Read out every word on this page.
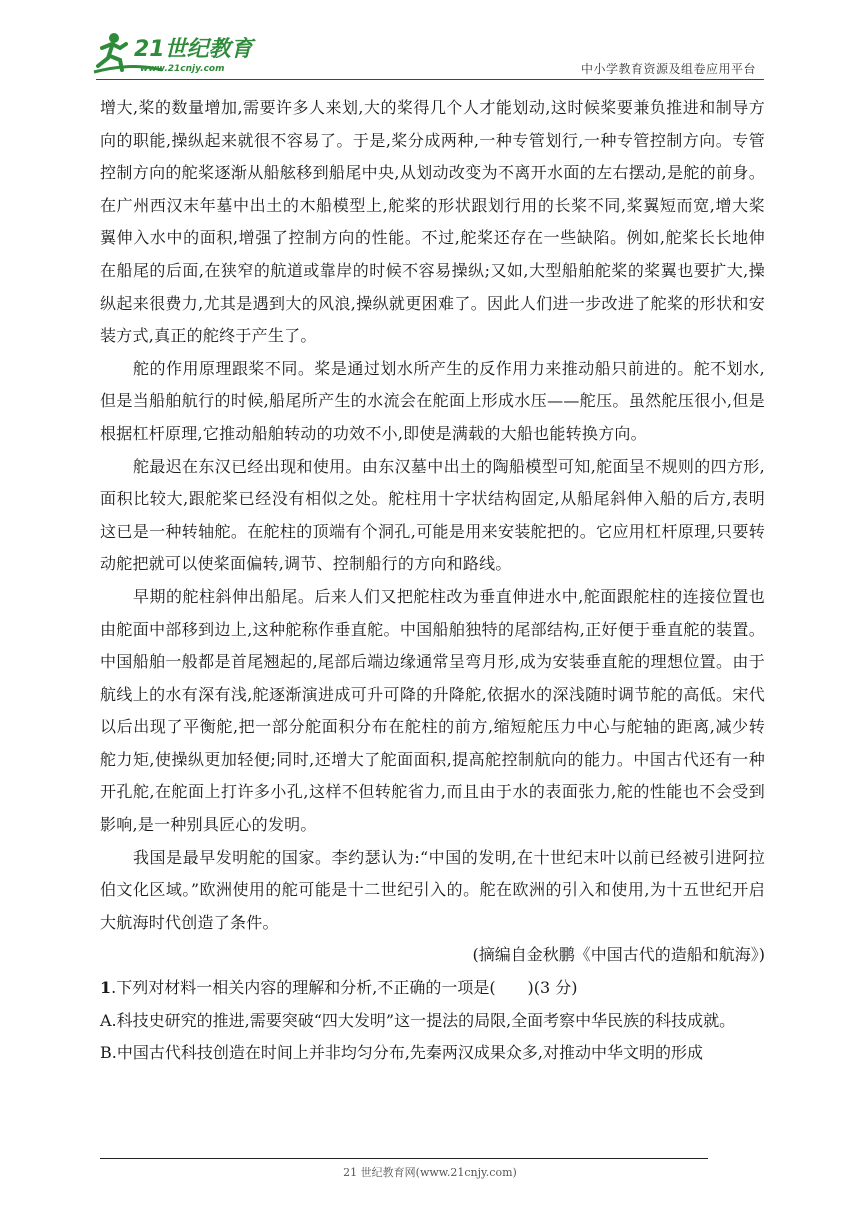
21世纪教育
www.21cnjy.com	中小学教育资源及组卷应用平台

增大,桨的数量增加,需要许多人来划,大的桨得几个人才能划动,这时候桨要兼负推进和制导方向的职能,操纵起来就很不容易了。于是,桨分成两种,一种专管划行,一种专管控制方向。专管控制方向的舵桨逐渐从船舷移到船尾中央,从划动改变为不离开水面的左右摆动,是舵的前身。在广州西汉末年墓中出土的木船模型上,舵桨的形状跟划行用的长桨不同,桨翼短而宽,增大桨翼伸入水中的面积,增强了控制方向的性能。不过,舵桨还存在一些缺陷。例如,舵桨长长地伸在船尾的后面,在狭窄的航道或靠岸的时候不容易操纵;又如,大型船舶舵桨的桨翼也要扩大,操纵起来很费力,尤其是遇到大的风浪,操纵就更困难了。因此人们进一步改进了舵桨的形状和安装方式,真正的舵终于产生了。

舵的作用原理跟桨不同。桨是通过划水所产生的反作用力来推动船只前进的。舵不划水,但是当船舶航行的时候,船尾所产生的水流会在舵面上形成水压——舵压。虽然舵压很小,但是根据杠杆原理,它推动船舶转动的功效不小,即使是满载的大船也能转换方向。

舵最迟在东汉已经出现和使用。由东汉墓中出土的陶船模型可知,舵面呈不规则的四方形,面积比较大,跟舵桨已经没有相似之处。舵柱用十字状结构固定,从船尾斜伸入船的后方,表明这已是一种转轴舵。在舵柱的顶端有个洞孔,可能是用来安装舵把的。它应用杠杆原理,只要转动舵把就可以使桨面偏转,调节、控制船行的方向和路线。

早期的舵柱斜伸出船尾。后来人们又把舵柱改为垂直伸进水中,舵面跟舵柱的连接位置也由舵面中部移到边上,这种舵称作垂直舵。中国船舶独特的尾部结构,正好便于垂直舵的装置。中国船舶一般都是首尾翘起的,尾部后端边缘通常呈弯月形,成为安装垂直舵的理想位置。由于航线上的水有深有浅,舵逐渐演进成可升可降的升降舵,依据水的深浅随时调节舵的高低。宋代以后出现了平衡舵,把一部分舵面积分布在舵柱的前方,缩短舵压力中心与舵轴的距离,减少转舵力矩,使操纵更加轻便;同时,还增大了舵面面积,提高舵控制航向的能力。中国古代还有一种开孔舵,在舵面上打许多小孔,这样不但转舵省力,而且由于水的表面张力,舵的性能也不会受到影响,是一种别具匠心的发明。

我国是最早发明舵的国家。李约瑟认为:“中国的发明,在十世纪末叶以前已经被引进阿拉伯文化区域。”欧洲使用的舵可能是十二世纪引入的。舵在欧洲的引入和使用,为十五世纪开启大航海时代创造了条件。

(摘编自金秋鹏《中国古代的造船和航海》)

1.下列对材料一相关内容的理解和分析,不正确的一项是(　　)(3 分)

A.科技史研究的推进,需要突破“四大发明”这一提法的局限,全面考察中华民族的科技成就。

B.中国古代科技创造在时间上并非均匀分布,先秦两汉成果众多,对推动中华文明的形成

21 世纪教育网(www.21cnjy.com)
